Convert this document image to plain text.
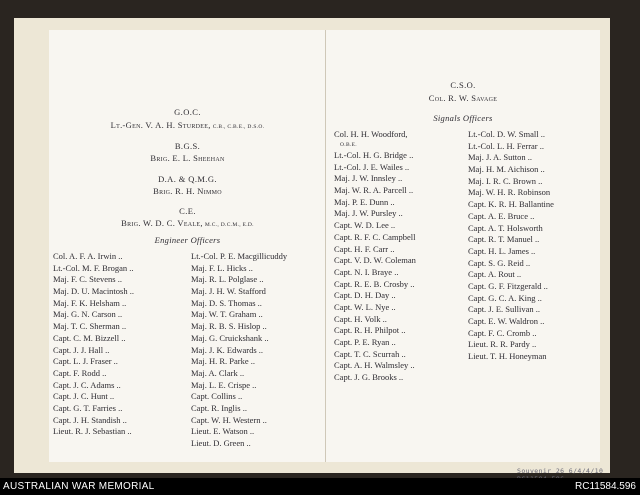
G.O.C.
Lt.-Gen. V. A. H. Sturdee, C.B., C.B.E., D.S.O.
B.G.S.
Brig. E. L. Sheehan
D.A. & Q.M.G.
Brig. R. H. Nimmo
C.E.
Brig. W. D. C. Veale, M.C., D.C.M., E.D.
Engineer Officers
Col. A. F. A. Irwin ..
Lt.-Col. M. F. Brogan ..
Maj. F. C. Stevens ..
Maj. D. U. Macintosh ..
Maj. F. K. Helsham ..
Maj. G. N. Carson ..
Maj. T. C. Sherman ..
Capt. C. M. Bizzell ..
Capt. J. J. Hall ..
Capt. L. J. Fraser ..
Capt. F. Rodd ..
Capt. J. C. Adams ..
Capt. J. C. Hunt ..
Capt. G. T. Farries ..
Capt. J. H. Standish ..
Lieut. R. J. Sebastian ..
Lt.-Col. P. E. Macgillicuddy
Maj. F. L. Hicks ..
Maj. R. L. Polglase ..
Maj. J. H. W. Stafford
Maj. D. S. Thomas ..
Maj. W. T. Graham ..
Maj. R. B. S. Hislop ..
Maj. G. Cruickshank ..
Maj. J. K. Edwards ..
Maj. H. R. Parke ..
Maj. A. Clark ..
Maj. L. E. Crispe ..
Capt. Collins ..
Capt. R. Inglis ..
Capt. W. H. Western ..
Lieut. E. Watson ..
Lieut. D. Green ..
C.S.O.
Col. R. W. Savage
Signals Officers
Col. H. H. Woodford,
O.B.E.
Lt.-Col. H. G. Bridge ..
Lt.-Col. J. E. Wailes ..
Maj. J. W. Innsley ..
Maj. W. R. A. Parcell ..
Maj. P. E. Dunn ..
Maj. J. W. Pursley ..
Capt. W. D. Lee ..
Capt. R. F. C. Campbell
Capt. H. F. Carr ..
Capt. V. D. W. Coleman
Capt. N. I. Braye ..
Capt. R. E. B. Crosby ..
Capt. D. H. Day ..
Capt. W. L. Nye ..
Capt. H. Volk ..
Capt. R. H. Philpot ..
Capt. P. E. Ryan ..
Capt. T. C. Scurrah ..
Capt. A. H. Walmsley ..
Capt. J. G. Brooks ..
Lt.-Col. D. W. Small ..
Lt.-Col. L. H. Ferrar ..
Maj. J. A. Sutton ..
Maj. H. M. Aichison ..
Maj. I. R. C. Brown ..
Maj. W. H. R. Robinson
Capt. K. R. H. Ballantine
Capt. A. E. Bruce ..
Capt. A. T. Holsworth
Capt. R. T. Manuel ..
Capt. H. L. James ..
Capt. S. G. Reid ..
Capt. A. Rout ..
Capt. G. F. Fitzgerald ..
Capt. G. C. A. King ..
Capt. J. E. Sullivan ..
Capt. E. W. Waldron ..
Capt. F. C. Cromb ..
Lieut. R. R. Pardy ..
Lieut. T. H. Honeyman
Souvenir 26 6/4/4/10
AUSTRALIAN WAR MEMORIAL	RC11584.596
